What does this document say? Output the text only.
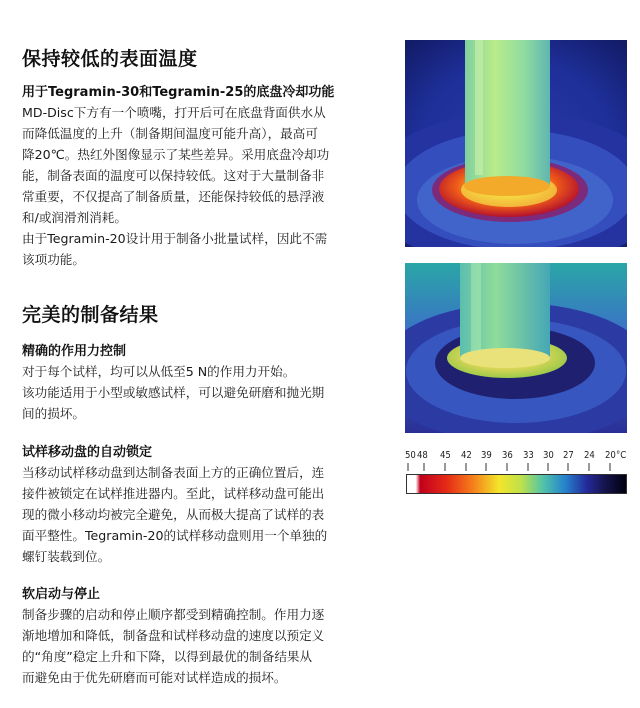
保持较低的表面温度
用于Tegramin-30和Tegramin-25的底盘冷却功能

MD-Disc下方有一个喷嘴，打开后可在底盘背面供水从
而降低温度的上升（制备期间温度可能升高），最高可
降20℃。热红外图像显示了某些差异。采用底盘冷却功
能，制备表面的温度可以保持较低。这对于大量制备非
常重要，不仅提高了制备质量，还能保持较低的悬浮液
和/或润滑剂消耗。
由于Tegramin-20设计用于制备小批量试样，因此不需
该项功能。

完美的制备结果
精确的作用力控制

对于每个试样，均可以从低至5 N的作用力开始。
该功能适用于小型或敏感试样，可以避免研磨和抛光期
间的损坏。

试样移动盘的自动锁定

当移动试样移动盘到达制备表面上方的正确位置后，连
接件被锁定在试样推进器内。至此，试样移动盘可能出
现的微小移动均被完全避免，从而极大提高了试样的表
面平整性。Tegramin-20的试样移动盘则用一个单独的
螺钉装载到位。

软启动与停止

制备步骤的启动和停止顺序都受到精确控制。作用力逐
渐地增加和降低，制备盘和试样移动盘的速度以预定义
的“角度”稳定上升和下降，以得到最优的制备结果从
而避免由于优先研磨而可能对试样造成的损坏。

50 48 45 42 39 36 33 30 27 24 20 °C
